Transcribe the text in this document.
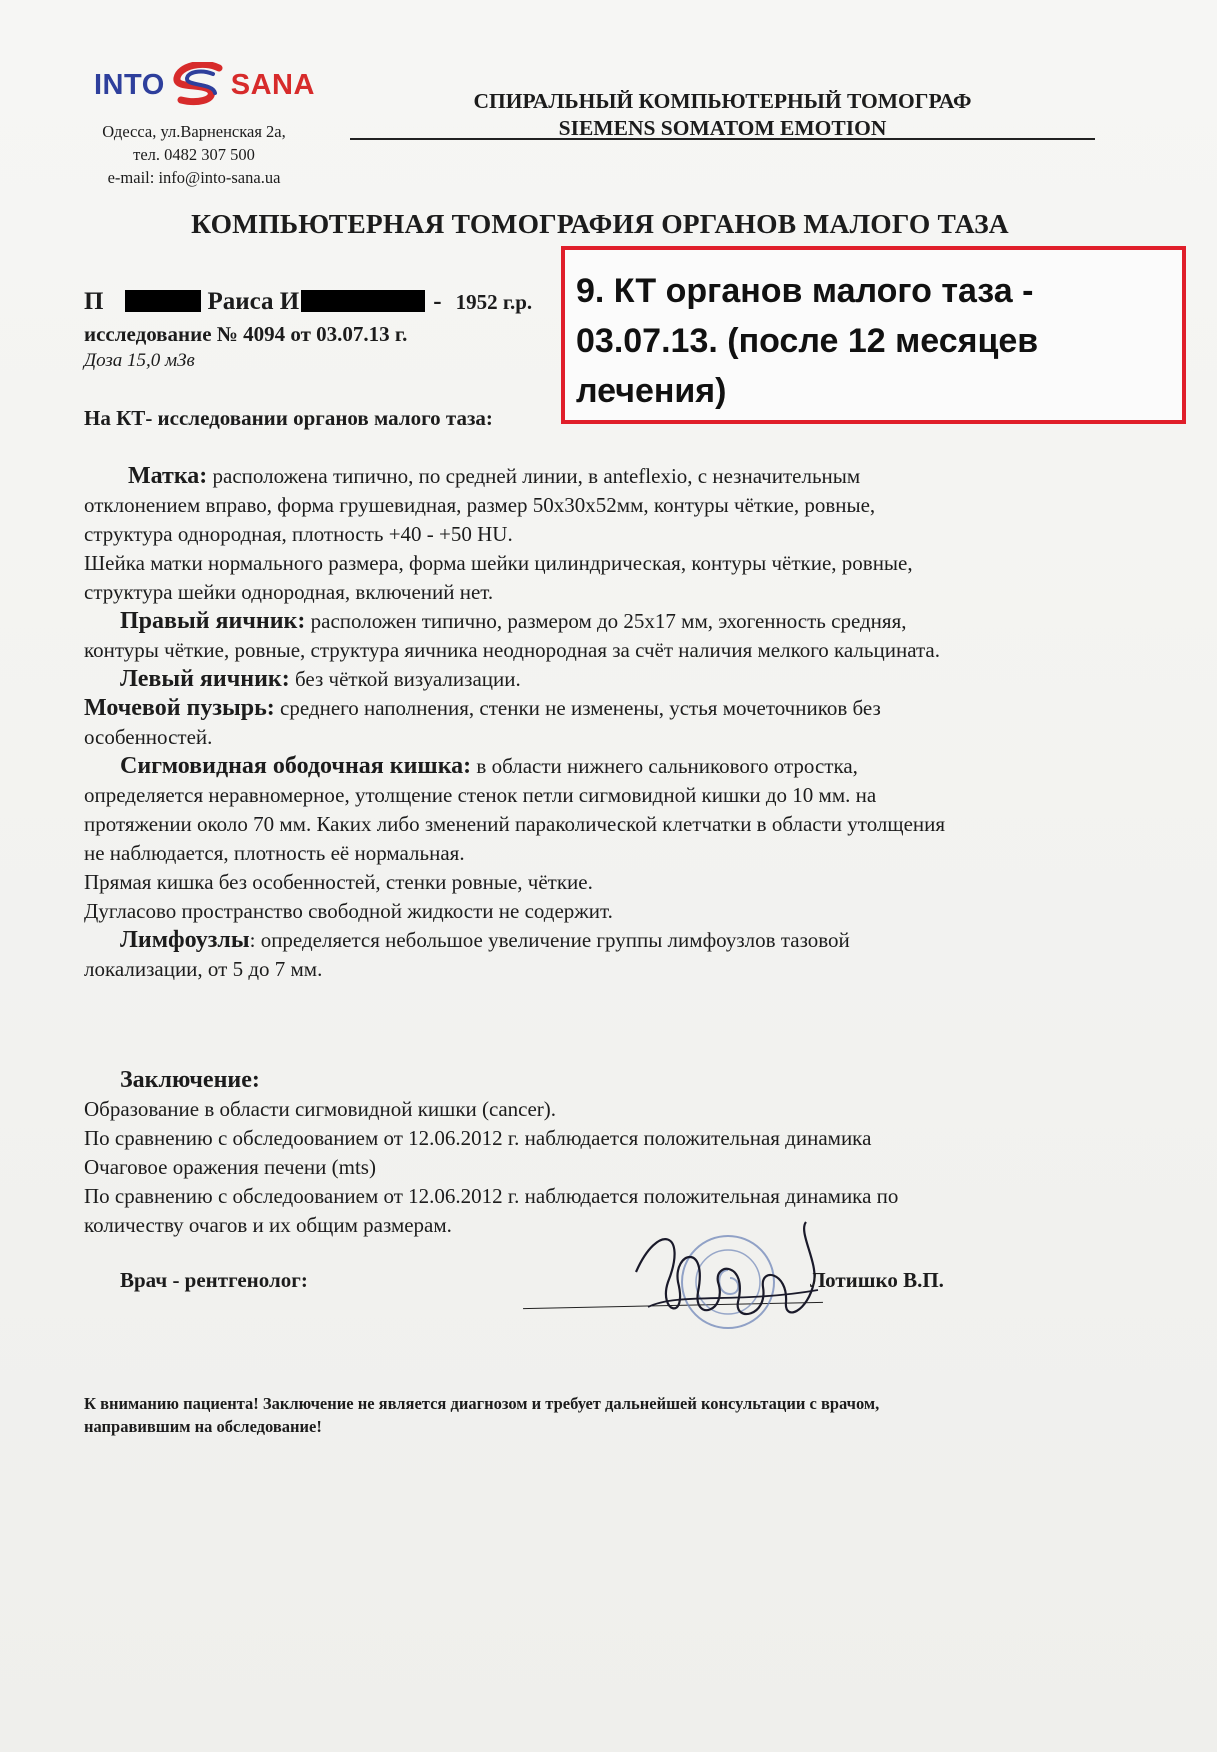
INTO SANA
Одесса, ул.Варненская 2а,
тел. 0482 307 500
e-mail: info@into-sana.ua
СПИРАЛЬНЫЙ КОМПЬЮТЕРНЫЙ ТОМОГРАФ
SIEMENS SOMATOM EMOTION
КОМПЬЮТЕРНАЯ ТОМОГРАФИЯ ОРГАНОВ МАЛОГО ТАЗА
П	Раиса И	- 1952 г.р.
исследование № 4094 от 03.07.13 г.
Доза 15,0 мЗв
На КТ- исследовании органов малого таза:
9. КТ органов малого таза -
03.07.13. (после 12 месяцев
лечения)

Матка: расположена типично, по средней линии, в anteflexio, с незначительным

отклонением вправо, форма грушевидная, размер 50х30х52мм, контуры чёткие, ровные,

структура однородная, плотность +40 - +50 HU.

Шейка матки нормального размера, форма шейки цилиндрическая, контуры чёткие, ровные,

структура шейки однородная, включений нет.

Правый яичник: расположен типично, размером до 25х17 мм, эхогенность средняя,

контуры чёткие, ровные, структура яичника неоднородная за счёт наличия мелкого кальцината.

Левый яичник: без чёткой визуализации.

Мочевой пузырь: среднего наполнения, стенки не изменены, устья мочеточников без

особенностей.

Сигмовидная ободочная кишка: в области нижнего сальникового отростка,

определяется неравномерное, утолщение стенок петли сигмовидной кишки до 10 мм. на

протяжении около 70 мм. Каких либо зменений параколической клетчатки в области утолщения

не наблюдается, плотность её нормальная.

Прямая кишка без особенностей, стенки ровные, чёткие.

Дугласово пространство свободной жидкости не содержит.

Лимфоузлы: определяется небольшое увеличение группы лимфоузлов тазовой

локализации, от 5 до 7 мм.

Заключение:

Образование в области сигмовидной кишки (cancer).

По сравнению с обследоованием от 12.06.2012 г. наблюдается положительная динамика

Очаговое оражения печени (mts)

По сравнению с обследоованием от 12.06.2012 г. наблюдается положительная динамика по

количеству очагов и их общим размерам.

Врач - рентгенолог:	Лотишко В.П.

К вниманию пациента! Заключение не является диагнозом и требует дальнейшей консультации с врачом,

направившим на обследование!
